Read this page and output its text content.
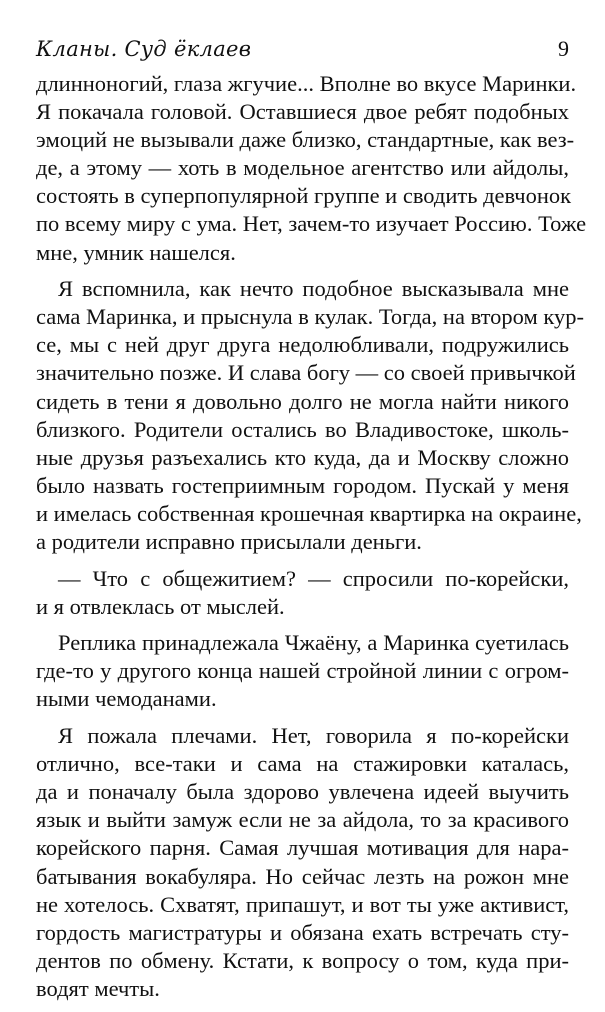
Кланы. Суд ёклаев	9
длинноногий, глаза жгучие... Вполне во вкусе Маринки.
Я покачала головой. Оставшиеся двое ребят подобных
эмоций не вызывали даже близко, стандартные, как вез-
де, а этому — хоть в модельное агентство или айдолы,
состоять в суперпопулярной группе и сводить девчонок
по всему миру с ума. Нет, зачем-то изучает Россию. Тоже
мне, умник нашелся.
Я вспомнила, как нечто подобное высказывала мне
сама Маринка, и прыснула в кулак. Тогда, на втором кур-
се, мы с ней друг друга недолюбливали, подружились
значительно позже. И слава богу — со своей привычкой
сидеть в тени я довольно долго не могла найти никого
близкого. Родители остались во Владивостоке, школь-
ные друзья разъехались кто куда, да и Москву сложно
было назвать гостеприимным городом. Пускай у меня
и имелась собственная крошечная квартирка на окраине,
а родители исправно присылали деньги.
— Что с общежитием? — спросили по-корейски,
и я отвлеклась от мыслей.
Реплика принадлежала Чжаёну, а Маринка суетилась
где-то у другого конца нашей стройной линии с огром-
ными чемоданами.
Я пожала плечами. Нет, говорила я по-корейски
отлично, все-таки и сама на стажировки каталась,
да и поначалу была здорово увлечена идеей выучить
язык и выйти замуж если не за айдола, то за красивого
корейского парня. Самая лучшая мотивация для нара-
батывания вокабуляра. Но сейчас лезть на рожон мне
не хотелось. Схватят, припашут, и вот ты уже активист,
гордость магистратуры и обязана ехать встречать сту-
дентов по обмену. Кстати, к вопросу о том, куда при-
водят мечты.
